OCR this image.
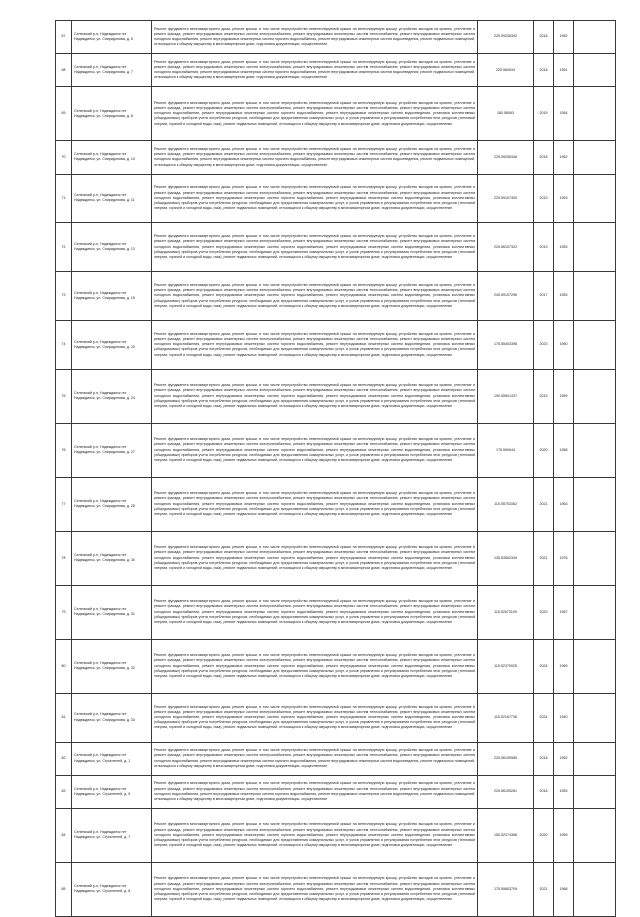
67	Селенский р-н, Надеждинск пгт Надеждинск, ул. Спиридонова, д. 5	Ремонт фундамента многоквартирного дома, ремонт крыши, в том числе переустройство невентилируемой крыши на вентилируемую крышу, устройство выходов на кровлю, утепление и ремонт фасада, ремонт внутридомовых инженерных систем электроснабжения, ремонт внутридомовых инженерных систем теплоснабжения, ремонт внутридомовых инженерных систем холодного водоснабжения, ремонт внутридомовых инженерных систем горячего водоснабжения, ремонт внутридомовых инженерных систем водоотведения, ремонт подвальных помещений, относящихся к общему имуществу в многоквартирном доме, подготовка документации, осуществление	225.59208392	2018	1952	
68	Селенский р-н, Надеждинск пгт Надеждинск, ул. Спиридонова, д. 7	Ремонт фундамента многоквартирного дома, ремонт крыши, в том числе переустройство невентилируемой крыши на вентилируемую крышу, устройство выходов на кровлю, утепление и ремонт фасада, ремонт внутридомовых инженерных систем электроснабжения, ремонт внутридомовых инженерных систем теплоснабжения, ремонт внутридомовых инженерных систем холодного водоснабжения, ремонт внутридомовых инженерных систем горячего водоснабжения, ремонт внутридомовых инженерных систем водоотведения, ремонт подвальных помещений, относящихся к общему имуществу в многоквартирном доме, подготовка документации, осуществление	225.560944	2018	1951	
69	Селенский р-н, Надеждинск пгт Надеждинск, ул. Спиридонова, д. 8	Ремонт фундамента многоквартирного дома, ремонт крыши, в том числе переустройство невентилируемой крыши на вентилируемую крышу, устройство выходов на кровлю, утепление и ремонт фасада, ремонт внутридомовых инженерных систем электроснабжения, ремонт внутридомовых инженерных систем теплоснабжения, ремонт внутридомовых инженерных систем холодного водоснабжения, ремонт внутридомовых инженерных систем горячего водоснабжения, ремонт внутридомовых инженерных систем водоотведения, установка коллективных (общедомовых) приборов учета потребления ресурсов, необходимых для предоставления коммунальных услуг, и узлов управления и регулирования потребления этих ресурсов (тепловой энергии, горячей и холодной воды, газа), ремонт подвальных помещений, относящихся к общему имуществу в многоквартирном доме, подготовка документации, осуществление	180.56063	2019	1954	
70	Селенский р-н, Надеждинск пгт Надеждинск, ул. Спиридонова, д. 10	Ремонт фундамента многоквартирного дома, ремонт крыши, в том числе переустройство невентилируемой крыши на вентилируемую крышу, устройство выходов на кровлю, утепление и ремонт фасада, ремонт внутридомовых инженерных систем электроснабжения, ремонт внутридомовых инженерных систем теплоснабжения, ремонт внутридомовых инженерных систем холодного водоснабжения, ремонт внутридомовых инженерных систем горячего водоснабжения, ремонт внутридомовых инженерных систем водоотведения, ремонт подвальных помещений, относящихся к общему имуществу в многоквартирном доме, подготовка документации, осуществление	225.59208346	2018	1952	
71	Селенский р-н, Надеждинск пгт Надеждинск, ул. Спиридонова, д. 11	Ремонт фундамента многоквартирного дома, ремонт крыши, в том числе переустройство невентилируемой крыши на вентилируемую крышу, устройство выходов на кровлю, утепление и ремонт фасада, ремонт внутридомовых инженерных систем электроснабжения, ремонт внутридомовых инженерных систем теплоснабжения, ремонт внутридомовых инженерных систем холодного водоснабжения, ремонт внутридомовых инженерных систем горячего водоснабжения, ремонт внутридомовых инженерных систем водоотведения, установка коллективных (общедомовых) приборов учета потребления ресурсов, необходимых для предоставления коммунальных услуг, и узлов управления и регулирования потребления этих ресурсов (тепловой энергии, горячей и холодной воды, газа), ремонт подвальных помещений, относящихся к общему имуществу в многоквартирном доме, подготовка документации, осуществление	225.59107409	2019	1953	
72	Селенский р-н, Надеждинск пгт Надеждинск, ул. Спиридонова, д. 13	Ремонт фундамента многоквартирного дома, ремонт крыши, в том числе переустройство невентилируемой крыши на вентилируемую крышу, устройство выходов на кровлю, утепление и ремонт фасада, ремонт внутридомовых инженерных систем электроснабжения, ремонт внутридомовых инженерных систем теплоснабжения, ремонт внутридомовых инженерных систем холодного водоснабжения, ремонт внутридомовых инженерных систем горячего водоснабжения, ремонт внутридомовых инженерных систем водоотведения, установка коллективных (общедомовых) приборов учета потребления ресурсов, необходимых для предоставления коммунальных услуг, и узлов управления и регулирования потребления этих ресурсов (тепловой энергии, горячей и холодной воды, газа), ремонт подвальных помещений, относящихся к общему имуществу в многоквартирном доме, подготовка документации, осуществление	225.56107322	2019	1953	
73	Селенский р-н, Надеждинск пгт Надеждинск, ул. Спиридонова, д. 15	Ремонт фундамента многоквартирного дома, ремонт крыши, в том числе переустройство невентилируемой крыши на вентилируемую крышу, устройство выходов на кровлю, утепление и ремонт фасада, ремонт внутридомовых инженерных систем электроснабжения, ремонт внутридомовых инженерных систем теплоснабжения, ремонт внутридомовых инженерных систем холодного водоснабжения, ремонт внутридомовых инженерных систем горячего водоснабжения, ремонт внутридомовых инженерных систем водоотведения, установка коллективных (общедомовых) приборов учета потребления ресурсов, необходимых для предоставления коммунальных услуг, и узлов управления и регулирования потребления этих ресурсов (тепловой энергии, горячей и холодной воды, газа), ремонт подвальных помещений, относящихся к общему имуществу в многоквартирном доме, подготовка документации, осуществление	240.59107296	2017	1953	
74	Селенский р-н, Надеждинск пгт Надеждинск, ул. Спиридонова, д. 20	Ремонт фундамента многоквартирного дома, ремонт крыши, в том числе переустройство невентилируемой крыши на вентилируемую крышу, устройство выходов на кровлю, утепление и ремонт фасада, ремонт внутридомовых инженерных систем электроснабжения, ремонт внутридомовых инженерных систем теплоснабжения, ремонт внутридомовых инженерных систем холодного водоснабжения, ремонт внутридомовых инженерных систем горячего водоснабжения, ремонт внутридомовых инженерных систем водоотведения, установка коллективных (общедомовых) приборов учета потребления ресурсов, необходимых для предоставления коммунальных услуг, и узлов управления и регулирования потребления этих ресурсов (тепловой энергии, горячей и холодной воды, газа), ремонт подвальных помещений, относящихся к общему имуществу в многоквартирном доме, подготовка документации, осуществление	175.55403398	2023	1960	
75	Селенский р-н, Надеждинск пгт Надеждинск, ул. Спиридонова, д. 24	Ремонт фундамента многоквартирного дома, ремонт крыши, в том числе переустройство невентилируемой крыши на вентилируемую крышу, устройство выходов на кровлю, утепление и ремонт фасада, ремонт внутридомовых инженерных систем электроснабжения, ремонт внутридомовых инженерных систем теплоснабжения, ремонт внутридомовых инженерных систем холодного водоснабжения, ремонт внутридомовых инженерных систем горячего водоснабжения, ремонт внутридомовых инженерных систем водоотведения, установка коллективных (общедомовых) приборов учета потребления ресурсов, необходимых для предоставления коммунальных услуг, и узлов управления и регулирования потребления этих ресурсов (тепловой энергии, горячей и холодной воды, газа), ремонт подвальных помещений, относящихся к общему имуществу в многоквартирном доме, подготовка документации, осуществление	190.55501437	2019	1959	
76	Селенский р-н, Надеждинск пгт Надеждинск, ул. Спиридонова, д. 27	Ремонт фундамента многоквартирного дома, ремонт крыши, в том числе переустройство невентилируемой крыши на вентилируемую крышу, устройство выходов на кровлю, утепление и ремонт фасада, ремонт внутридомовых инженерных систем электроснабжения, ремонт внутридомовых инженерных систем теплоснабжения, ремонт внутридомовых инженерных систем холодного водоснабжения, ремонт внутридомовых инженерных систем горячего водоснабжения, ремонт внутридомовых инженерных систем водоотведения, установка коллективных (общедомовых) приборов учета потребления ресурсов, необходимых для предоставления коммунальных услуг, и узлов управления и регулирования потребления этих ресурсов (тепловой энергии, горячей и холодной воды, газа), ремонт подвальных помещений, относящихся к общему имуществу в многоквартирном доме, подготовка документации, осуществление	175.590644	2020	1958	
77	Селенский р-н, Надеждинск пгт Надеждинск, ул. Спиридонова, д. 28	Ремонт фундамента многоквартирного дома, ремонт крыши, в том числе переустройство невентилируемой крыши на вентилируемую крышу, устройство выходов на кровлю, утепление и ремонт фасада, ремонт внутридомовых инженерных систем электроснабжения, ремонт внутридомовых инженерных систем теплоснабжения, ремонт внутридомовых инженерных систем холодного водоснабжения, ремонт внутридомовых инженерных систем горячего водоснабжения, ремонт внутридомовых инженерных систем водоотведения, установка коллективных (общедомовых) приборов учета потребления ресурсов, необходимых для предоставления коммунальных услуг, и узлов управления и регулирования потребления этих ресурсов (тепловой энергии, горячей и холодной воды, газа), ремонт подвальных помещений, относящихся к общему имуществу в многоквартирном доме, подготовка документации, осуществление	115.55703352	2021	1963	
78	Селенский р-н, Надеждинск пгт Надеждинск, ул. Спиридонова, д. 30	Ремонт фундамента многоквартирного дома, ремонт крыши, в том числе переустройство невентилируемой крыши на вентилируемую крышу, устройство выходов на кровлю, утепление и ремонт фасада, ремонт внутридомовых инженерных систем электроснабжения, ремонт внутридомовых инженерных систем теплоснабжения, ремонт внутридомовых инженерных систем холодного водоснабжения, ремонт внутридомовых инженерных систем горячего водоснабжения, ремонт внутридомовых инженерных систем водоотведения, установка коллективных (общедомовых) приборов учета потребления ресурсов, необходимых для предоставления коммунальных услуг, и узлов управления и регулирования потребления этих ресурсов (тепловой энергии, горячей и холодной воды, газа), ремонт подвальных помещений, относящихся к общему имуществу в многоквартирном доме, подготовка документации, осуществление	135.53062349	2021	1976	
79	Селенский р-н, Надеждинск пгт Надеждинск, ул. Спиридонова, д. 31	Ремонт фундамента многоквартирного дома, ремонт крыши, в том числе переустройство невентилируемой крыши на вентилируемую крышу, устройство выходов на кровлю, утепление и ремонт фасада, ремонт внутридомовых инженерных систем электроснабжения, ремонт внутридомовых инженерных систем теплоснабжения, ремонт внутридомовых инженерных систем холодного водоснабжения, ремонт внутридомовых инженерных систем горячего водоснабжения, ремонт внутридомовых инженерных систем водоотведения, установка коллективных (общедомовых) приборов учета потребления ресурсов, необходимых для предоставления коммунальных услуг, и узлов управления и регулирования потребления этих ресурсов (тепловой энергии, горячей и холодной воды, газа), ремонт подвальных помещений, относящихся к общему имуществу в многоквартирном доме, подготовка документации, осуществление	115.52673109	2023	1967	
80	Селенский р-н, Надеждинск пгт Надеждинск, ул. Спиридонова, д. 32	Ремонт фундамента многоквартирного дома, ремонт крыши, в том числе переустройство невентилируемой крыши на вентилируемую крышу, устройство выходов на кровлю, утепление и ремонт фасада, ремонт внутридомовых инженерных систем электроснабжения, ремонт внутридомовых инженерных систем теплоснабжения, ремонт внутридомовых инженерных систем холодного водоснабжения, ремонт внутридомовых инженерных систем горячего водоснабжения, ремонт внутридомовых инженерных систем водоотведения, установка коллективных (общедомовых) приборов учета потребления ресурсов, необходимых для предоставления коммунальных услуг, и узлов управления и регулирования потребления этих ресурсов (тепловой энергии, горячей и холодной воды, газа), ремонт подвальных помещений, относящихся к общему имуществу в многоквартирном доме, подготовка документации, осуществление	115.52370925	2024	1969	
81	Селенский р-н, Надеждинск пгт Надеждинск, ул. Спиридонова, д. 33	Ремонт фундамента многоквартирного дома, ремонт крыши, в том числе переустройство невентилируемой крыши на вентилируемую крышу, устройство выходов на кровлю, утепление и ремонт фасада, ремонт внутридомовых инженерных систем электроснабжения, ремонт внутридомовых инженерных систем теплоснабжения, ремонт внутридомовых инженерных систем холодного водоснабжения, ремонт внутридомовых инженерных систем горячего водоснабжения, ремонт внутридомовых инженерных систем водоотведения, установка коллективных (общедомовых) приборов учета потребления ресурсов, необходимых для предоставления коммунальных услуг, и узлов управления и регулирования потребления этих ресурсов (тепловой энергии, горячей и холодной воды, газа), ремонт подвальных помещений, относящихся к общему имуществу в многоквартирном доме, подготовка документации, осуществление	115.52167736	2024	1940	
82	Селенский р-н, Надеждинск пгт Надеждинск, ул. Строителей, д. 1	Ремонт фундамента многоквартирного дома, ремонт крыши, в том числе переустройство невентилируемой крыши на вентилируемую крышу, устройство выходов на кровлю, утепление и ремонт фасада, ремонт внутридомовых инженерных систем электроснабжения, ремонт внутридомовых инженерных систем теплоснабжения, ремонт внутридомовых инженерных систем холодного водоснабжения, ремонт внутридомовых инженерных систем горячего водоснабжения, ремонт внутридомовых инженерных систем водоотведения, ремонт подвальных помещений, относящихся к общему имуществу в многоквартирном доме, подготовка документации, осуществление	225.56105985	2018	1952	
83	Селенский р-н, Надеждинск пгт Надеждинск, ул. Строителей, д. 5	Ремонт фундамента многоквартирного дома, ремонт крыши, в том числе переустройство невентилируемой крыши на вентилируемую крышу, устройство выходов на кровлю, утепление и ремонт фасада, ремонт внутридомовых инженерных систем электроснабжения, ремонт внутридомовых инженерных систем теплоснабжения, ремонт внутридомовых инженерных систем холодного водоснабжения, ремонт внутридомовых инженерных систем горячего водоснабжения, ремонт внутридомовых инженерных систем водоотведения, ремонт подвальных помещений, относящихся к общему имуществу в многоквартирном доме, подготовка документации, осуществление	225.56105281	2018	1953	
84	Селенский р-н, Надеждинск пгт Надеждинск, ул. Строителей, д. 7	Ремонт фундамента многоквартирного дома, ремонт крыши, в том числе переустройство невентилируемой крыши на вентилируемую крышу, устройство выходов на кровлю, утепление и ремонт фасада, ремонт внутридомовых инженерных систем электроснабжения, ремонт внутридомовых инженерных систем теплоснабжения, ремонт внутридомовых инженерных систем холодного водоснабжения, ремонт внутридомовых инженерных систем горячего водоснабжения, ремонт внутридомовых инженерных систем водоотведения, установка коллективных (общедомовых) приборов учета потребления ресурсов, необходимых для предоставления коммунальных услуг, и узлов управления и регулирования потребления этих ресурсов (тепловой энергии, горячей и холодной воды, газа), ремонт подвальных помещений, относящихся к общему имуществу в многоквартирном доме, подготовка документации, осуществление	150.52374368	2020	1959	
85	Селенский р-н, Надеждинск пгт Надеждинск, ул. Строителей, д. 8	Ремонт фундамента многоквартирного дома, ремонт крыши, в том числе переустройство невентилируемой крыши на вентилируемую крышу, устройство выходов на кровлю, утепление и ремонт фасада, ремонт внутридомовых инженерных систем электроснабжения, ремонт внутридомовых инженерных систем теплоснабжения, ремонт внутридомовых инженерных систем холодного водоснабжения, ремонт внутридомовых инженерных систем горячего водоснабжения, ремонт внутридомовых инженерных систем водоотведения, установка коллективных (общедомовых) приборов учета потребления ресурсов, необходимых для предоставления коммунальных услуг, и узлов управления и регулирования потребления этих ресурсов (тепловой энергии, горячей и холодной воды, газа), ремонт подвальных помещений, относящихся к общему имуществу в многоквартирном доме, подготовка документации, осуществление	175.55803709	2021	1968	
